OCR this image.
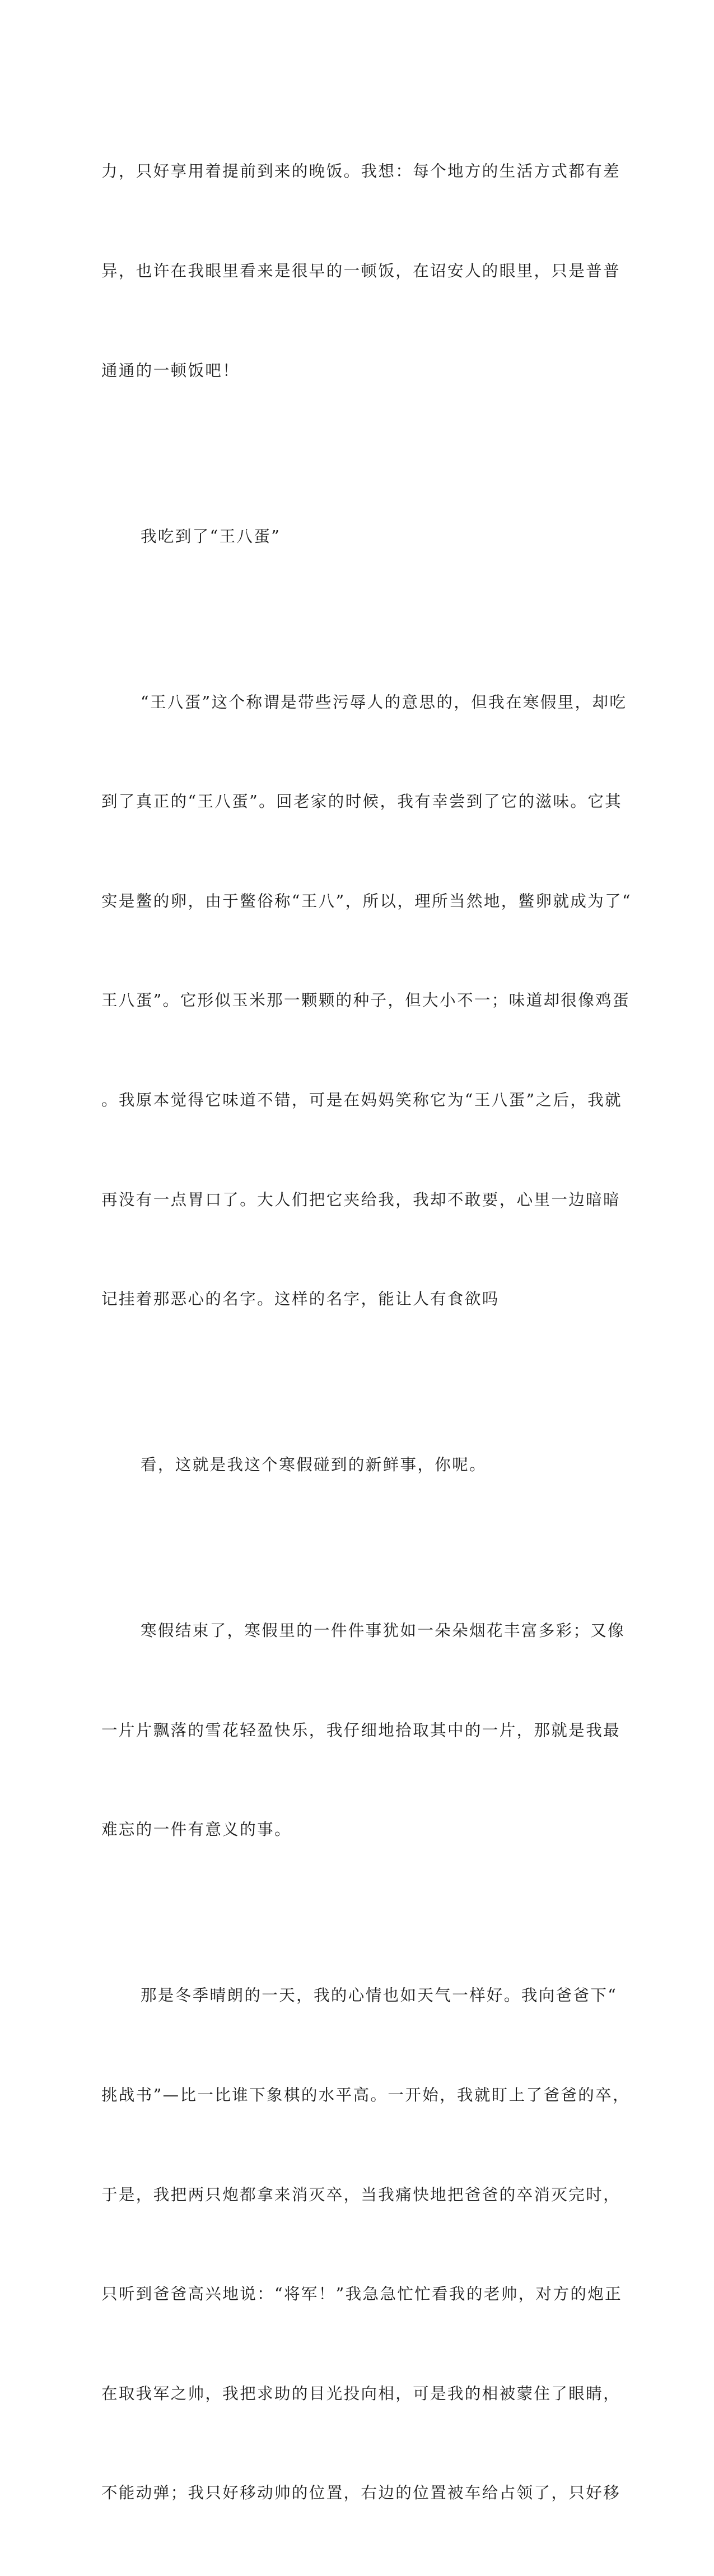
力，只好享用着提前到来的晚饭。我想：每个地方的生活方式都有差

异，也许在我眼里看来是很早的一顿饭，在诏安人的眼里，只是普普

通通的一顿饭吧！

我吃到了“王八蛋”

“王八蛋”这个称谓是带些污辱人的意思的，但我在寒假里，却吃

到了真正的“王八蛋”。回老家的时候，我有幸尝到了它的滋味。它其

实是鳖的卵，由于鳖俗称“王八”，所以，理所当然地，鳖卵就成为了“

王八蛋”。它形似玉米那一颗颗的种子，但大小不一；味道却很像鸡蛋

。我原本觉得它味道不错，可是在妈妈笑称它为“王八蛋”之后，我就

再没有一点胃口了。大人们把它夹给我，我却不敢要，心里一边暗暗

记挂着那恶心的名字。这样的名字，能让人有食欲吗

看，这就是我这个寒假碰到的新鲜事，你呢。

寒假结束了，寒假里的一件件事犹如一朵朵烟花丰富多彩；又像

一片片飘落的雪花轻盈快乐，我仔细地拾取其中的一片，那就是我最

难忘的一件有意义的事。

那是冬季晴朗的一天，我的心情也如天气一样好。我向爸爸下“

挑战书”—比一比谁下象棋的水平高。一开始，我就盯上了爸爸的卒，

于是，我把两只炮都拿来消灭卒，当我痛快地把爸爸的卒消灭完时，

只听到爸爸高兴地说：“将军！”我急急忙忙看我的老帅，对方的炮正

在取我军之帅，我把求助的目光投向相，可是我的相被蒙住了眼睛，

不能动弹；我只好移动帅的位置，右边的位置被车给占领了，只好移
